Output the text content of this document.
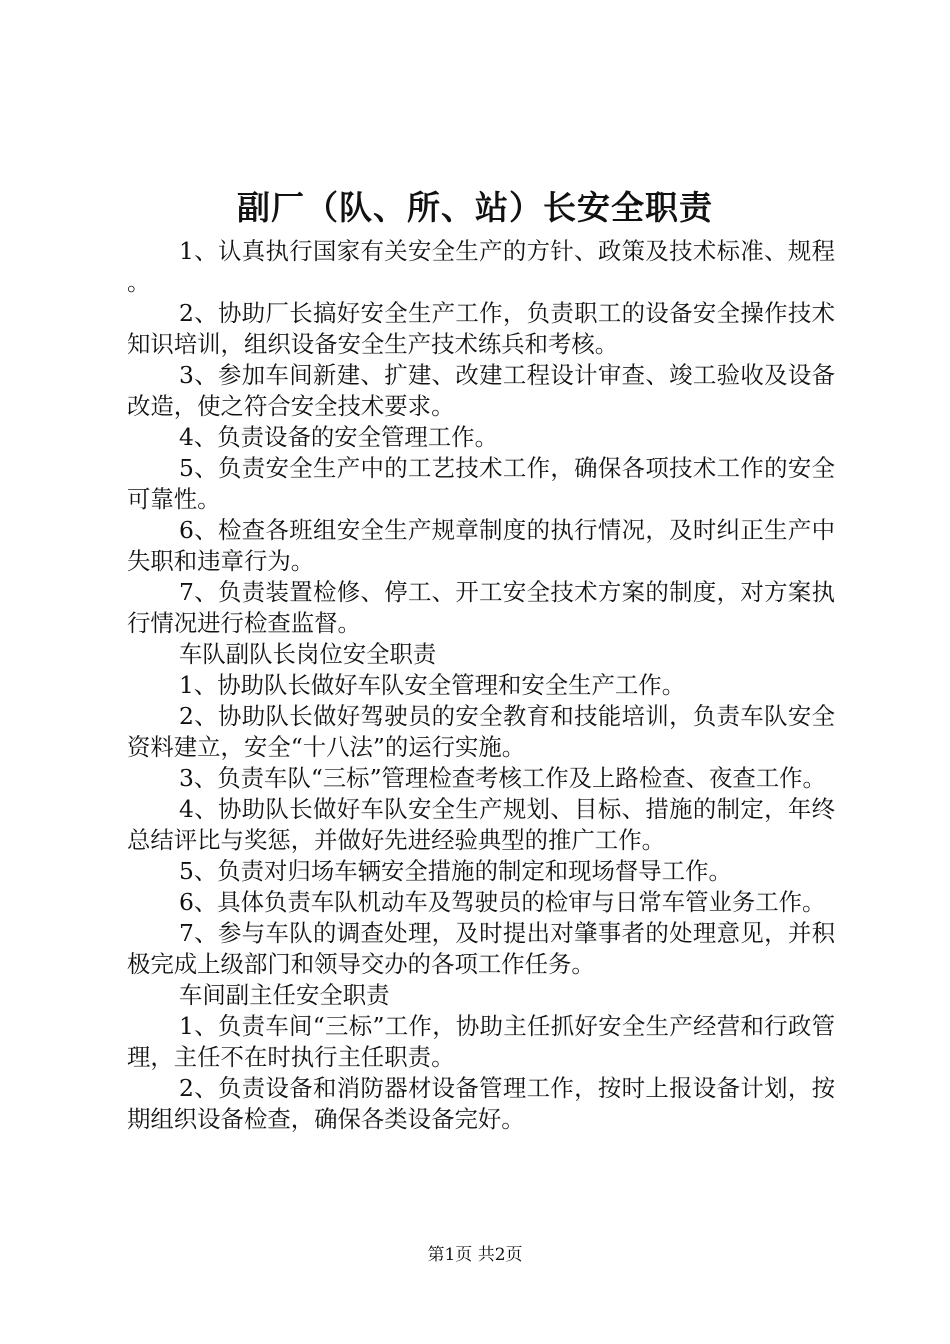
副厂（队、所、站）长安全职责

1、认真执行国家有关安全生产的方针、政策及技术标准、规程。

2、协助厂长搞好安全生产工作，负责职工的设备安全操作技术知识培训，组织设备安全生产技术练兵和考核。

3、参加车间新建、扩建、改建工程设计审查、竣工验收及设备改造，使之符合安全技术要求。

4、负责设备的安全管理工作。

5、负责安全生产中的工艺技术工作，确保各项技术工作的安全可靠性。

6、检查各班组安全生产规章制度的执行情况，及时纠正生产中失职和违章行为。

7、负责装置检修、停工、开工安全技术方案的制度，对方案执行情况进行检查监督。

车队副队长岗位安全职责

1、协助队长做好车队安全管理和安全生产工作。

2、协助队长做好驾驶员的安全教育和技能培训，负责车队安全资料建立，安全“十八法”的运行实施。

3、负责车队“三标”管理检查考核工作及上路检查、夜查工作。

4、协助队长做好车队安全生产规划、目标、措施的制定，年终总结评比与奖惩，并做好先进经验典型的推广工作。

5、负责对归场车辆安全措施的制定和现场督导工作。

6、具体负责车队机动车及驾驶员的检审与日常车管业务工作。

7、参与车队的调查处理，及时提出对肇事者的处理意见，并积极完成上级部门和领导交办的各项工作任务。

车间副主任安全职责

1、负责车间“三标”工作，协助主任抓好安全生产经营和行政管理，主任不在时执行主任职责。

2、负责设备和消防器材设备管理工作，按时上报设备计划，按期组织设备检查，确保各类设备完好。

第1页 共2页
